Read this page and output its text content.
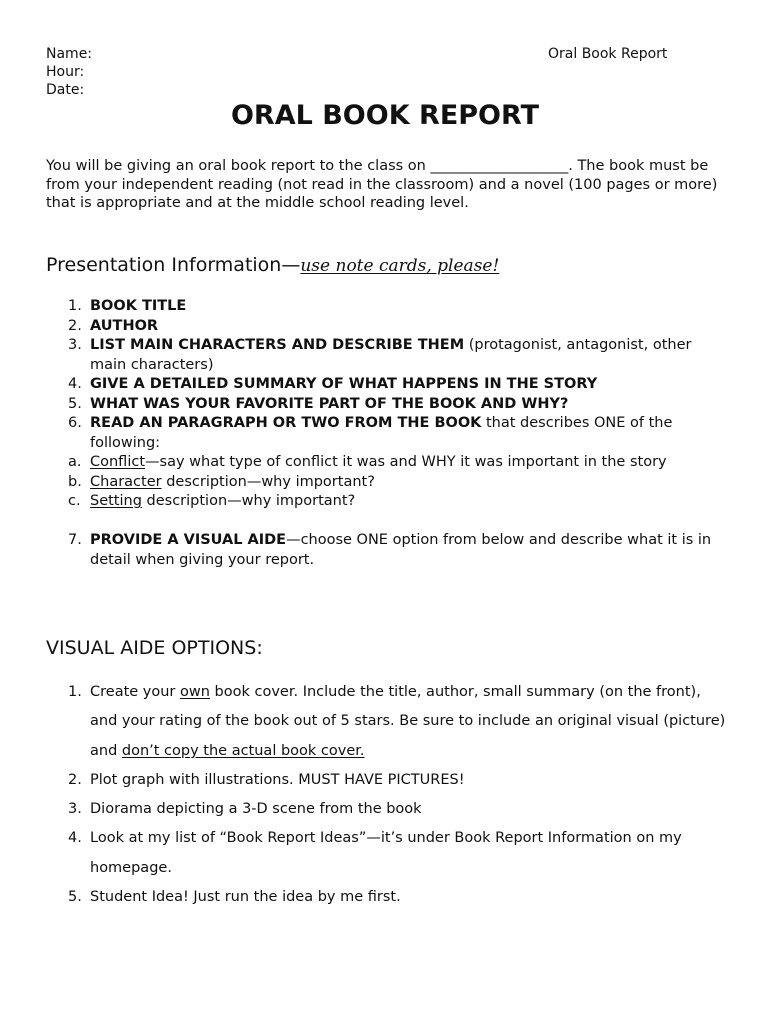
Name:
Hour:
Date:
Oral Book Report
ORAL BOOK REPORT
You will be giving an oral book report to the class on ___________________. The book must be from your independent reading (not read in the classroom) and a novel (100 pages or more) that is appropriate and at the middle school reading level.
Presentation Information—use note cards, please!
1. BOOK TITLE
2. AUTHOR
3. LIST MAIN CHARACTERS AND DESCRIBE THEM (protagonist, antagonist, other main characters)
4. GIVE A DETAILED SUMMARY OF WHAT HAPPENS IN THE STORY
5. WHAT WAS YOUR FAVORITE PART OF THE BOOK AND WHY?
6. READ AN PARAGRAPH OR TWO FROM THE BOOK that describes ONE of the following:
a. Conflict—say what type of conflict it was and WHY it was important in the story
b. Character description—why important?
c. Setting description—why important?
7. PROVIDE A VISUAL AIDE—choose ONE option from below and describe what it is in detail when giving your report.
VISUAL AIDE OPTIONS:
1. Create your own book cover. Include the title, author, small summary (on the front), and your rating of the book out of 5 stars. Be sure to include an original visual (picture) and don’t copy the actual book cover.
2. Plot graph with illustrations. MUST HAVE PICTURES!
3. Diorama depicting a 3-D scene from the book
4. Look at my list of “Book Report Ideas”—it’s under Book Report Information on my homepage.
5. Student Idea! Just run the idea by me first.
